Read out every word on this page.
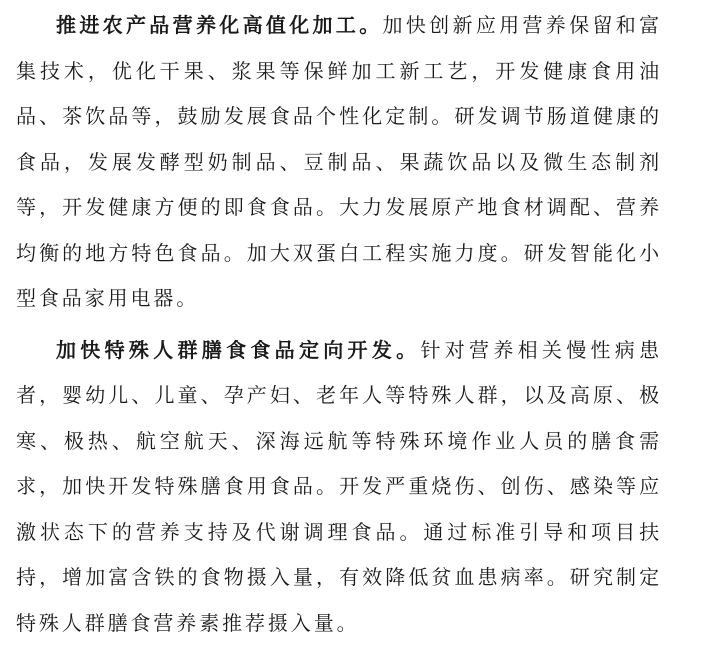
推进农产品营养化高值化加工。加快创新应用营养保留和富集技术，优化干果、浆果等保鲜加工新工艺，开发健康食用油品、茶饮品等，鼓励发展食品个性化定制。研发调节肠道健康的食品，发展发酵型奶制品、豆制品、果蔬饮品以及微生态制剂等，开发健康方便的即食食品。大力发展原产地食材调配、营养均衡的地方特色食品。加大双蛋白工程实施力度。研发智能化小型食品家用电器。

加快特殊人群膳食食品定向开发。针对营养相关慢性病患者，婴幼儿、儿童、孕产妇、老年人等特殊人群，以及高原、极寒、极热、航空航天、深海远航等特殊环境作业人员的膳食需求，加快开发特殊膳食用食品。开发严重烧伤、创伤、感染等应激状态下的营养支持及代谢调理食品。通过标准引导和项目扶持，增加富含铁的食物摄入量，有效降低贫血患病率。研究制定特殊人群膳食营养素推荐摄入量。
